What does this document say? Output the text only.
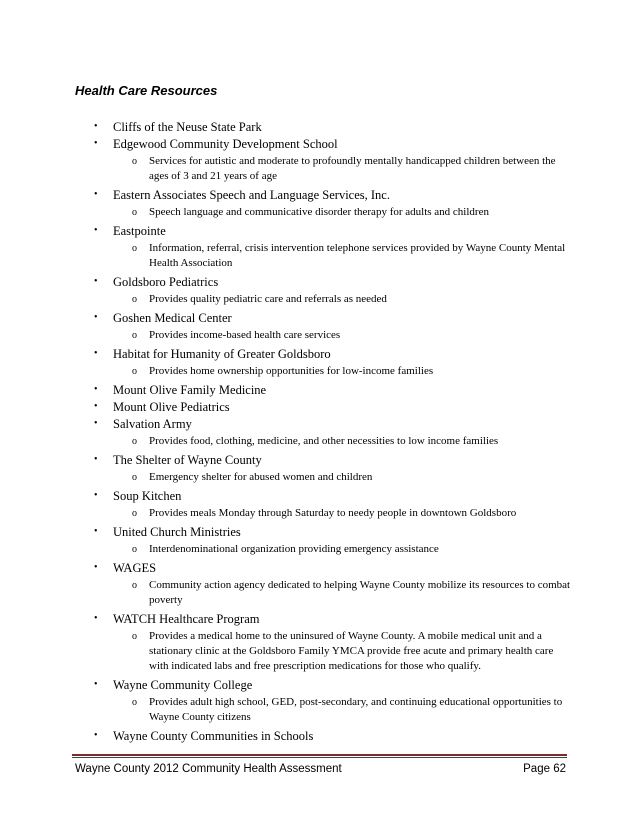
Health Care Resources
• Cliffs of the Neuse State Park
• Edgewood Community Development School
o Services for autistic and moderate to profoundly mentally handicapped children between the ages of 3 and 21 years of age
• Eastern Associates Speech and Language Services, Inc.
o Speech language and communicative disorder therapy for adults and children
• Eastpointe
o Information, referral, crisis intervention telephone services provided by Wayne County Mental Health Association
• Goldsboro Pediatrics
o Provides quality pediatric care and referrals as needed
• Goshen Medical Center
o Provides income-based health care services
• Habitat for Humanity of Greater Goldsboro
o Provides home ownership opportunities for low-income families
• Mount Olive Family Medicine
• Mount Olive Pediatrics
• Salvation Army
o Provides food, clothing, medicine, and other necessities to low income families
• The Shelter of Wayne County
o Emergency shelter for abused women and children
• Soup Kitchen
o Provides meals Monday through Saturday to needy people in downtown Goldsboro
• United Church Ministries
o Interdenominational organization providing emergency assistance
• WAGES
o Community action agency dedicated to helping Wayne County mobilize its resources to combat poverty
• WATCH Healthcare Program
o Provides a medical home to the uninsured of Wayne County. A mobile medical unit and a stationary clinic at the Goldsboro Family YMCA provide free acute and primary health care with indicated labs and free prescription medications for those who qualify.
• Wayne Community College
o Provides adult high school, GED, post-secondary, and continuing educational opportunities to Wayne County citizens
• Wayne County Communities in Schools
Wayne County 2012 Community Health Assessment	Page 62
